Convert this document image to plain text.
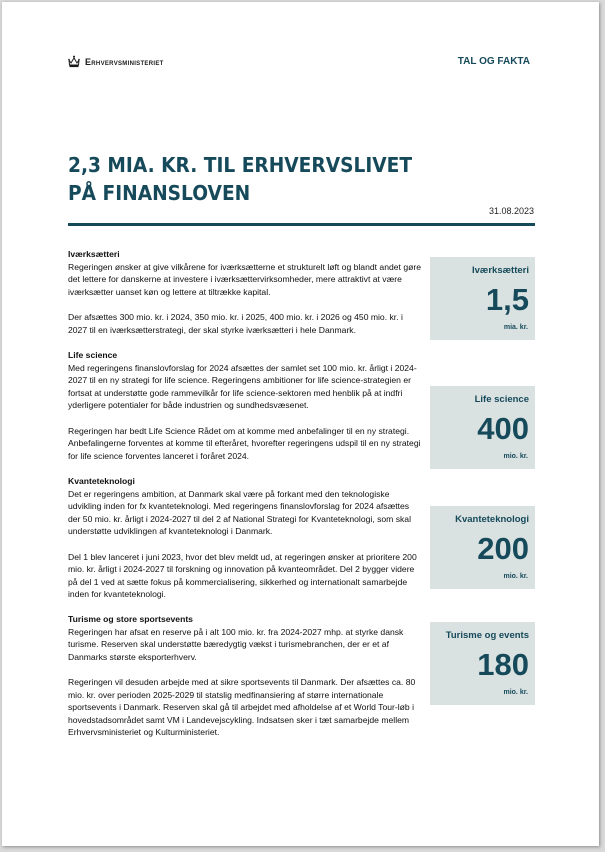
Erhvervsministeriet	TAL OG FAKTA
2,3 MIA. KR. TIL ERHVERVSLIVET
PÅ FINANSLOVEN
31.08.2023
Iværksætteri

Regeringen ønsker at give vilkårene for iværksætterne et strukturelt løft og blandt andet gøre det lettere for danskerne at investere i iværksættervirksomheder, mere attraktivt at være iværksætter uanset køn og lettere at tiltrække kapital.

Der afsættes 300 mio. kr. i 2024, 350 mio. kr. i 2025, 400 mio. kr. i 2026 og 450 mio. kr. i 2027 til en iværksætterstrategi, der skal styrke iværksætteri i hele Danmark.

Life science

Med regeringens finanslovforslag for 2024 afsættes der samlet set 100 mio. kr. årligt i 2024-2027 til en ny strategi for life science. Regeringens ambitioner for life science-strategien er fortsat at understøtte gode rammevilkår for life science-sektoren med henblik på at indfri yderligere potentialer for både industrien og sundhedsvæsenet.

Regeringen har bedt Life Science Rådet om at komme med anbefalinger til en ny strategi. Anbefalingerne forventes at komme til efteråret, hvorefter regeringens udspil til en ny strategi for life science forventes lanceret i foråret 2024.

Kvanteteknologi

Det er regeringens ambition, at Danmark skal være på forkant med den teknologiske udvikling inden for fx kvanteteknologi. Med regeringens finanslovforslag for 2024 afsættes der 50 mio. kr. årligt i 2024-2027 til del 2 af National Strategi for Kvanteteknologi, som skal understøtte udviklingen af kvanteteknologi i Danmark.

Del 1 blev lanceret i juni 2023, hvor det blev meldt ud, at regeringen ønsker at prioritere 200 mio. kr. årligt i 2024-2027 til forskning og innovation på kvanteområdet. Del 2 bygger videre på del 1 ved at sætte fokus på kommercialisering, sikkerhed og internationalt samarbejde inden for kvanteteknologi.

Turisme og store sportsevents

Regeringen har afsat en reserve på i alt 100 mio. kr. fra 2024-2027 mhp. at styrke dansk turisme. Reserven skal understøtte bæredygtig vækst i turismebranchen, der er et af Danmarks største eksporterhverv.

Regeringen vil desuden arbejde med at sikre sportsevents til Danmark. Der afsættes ca. 80 mio. kr. over perioden 2025-2029 til statslig medfinansiering af større internationale sportsevents i Danmark. Reserven skal gå til arbejdet med afholdelse af et World Tour-løb i hovedstadsområdet samt VM i Landevejscykling. Indsatsen sker i tæt samarbejde mellem Erhvervsministeriet og Kulturministeriet.

Iværksætteri
1,5
mia. kr.
Life science
400
mio. kr.
Kvanteteknologi
200
mio. kr.
Turisme og events
180
mio. kr.
